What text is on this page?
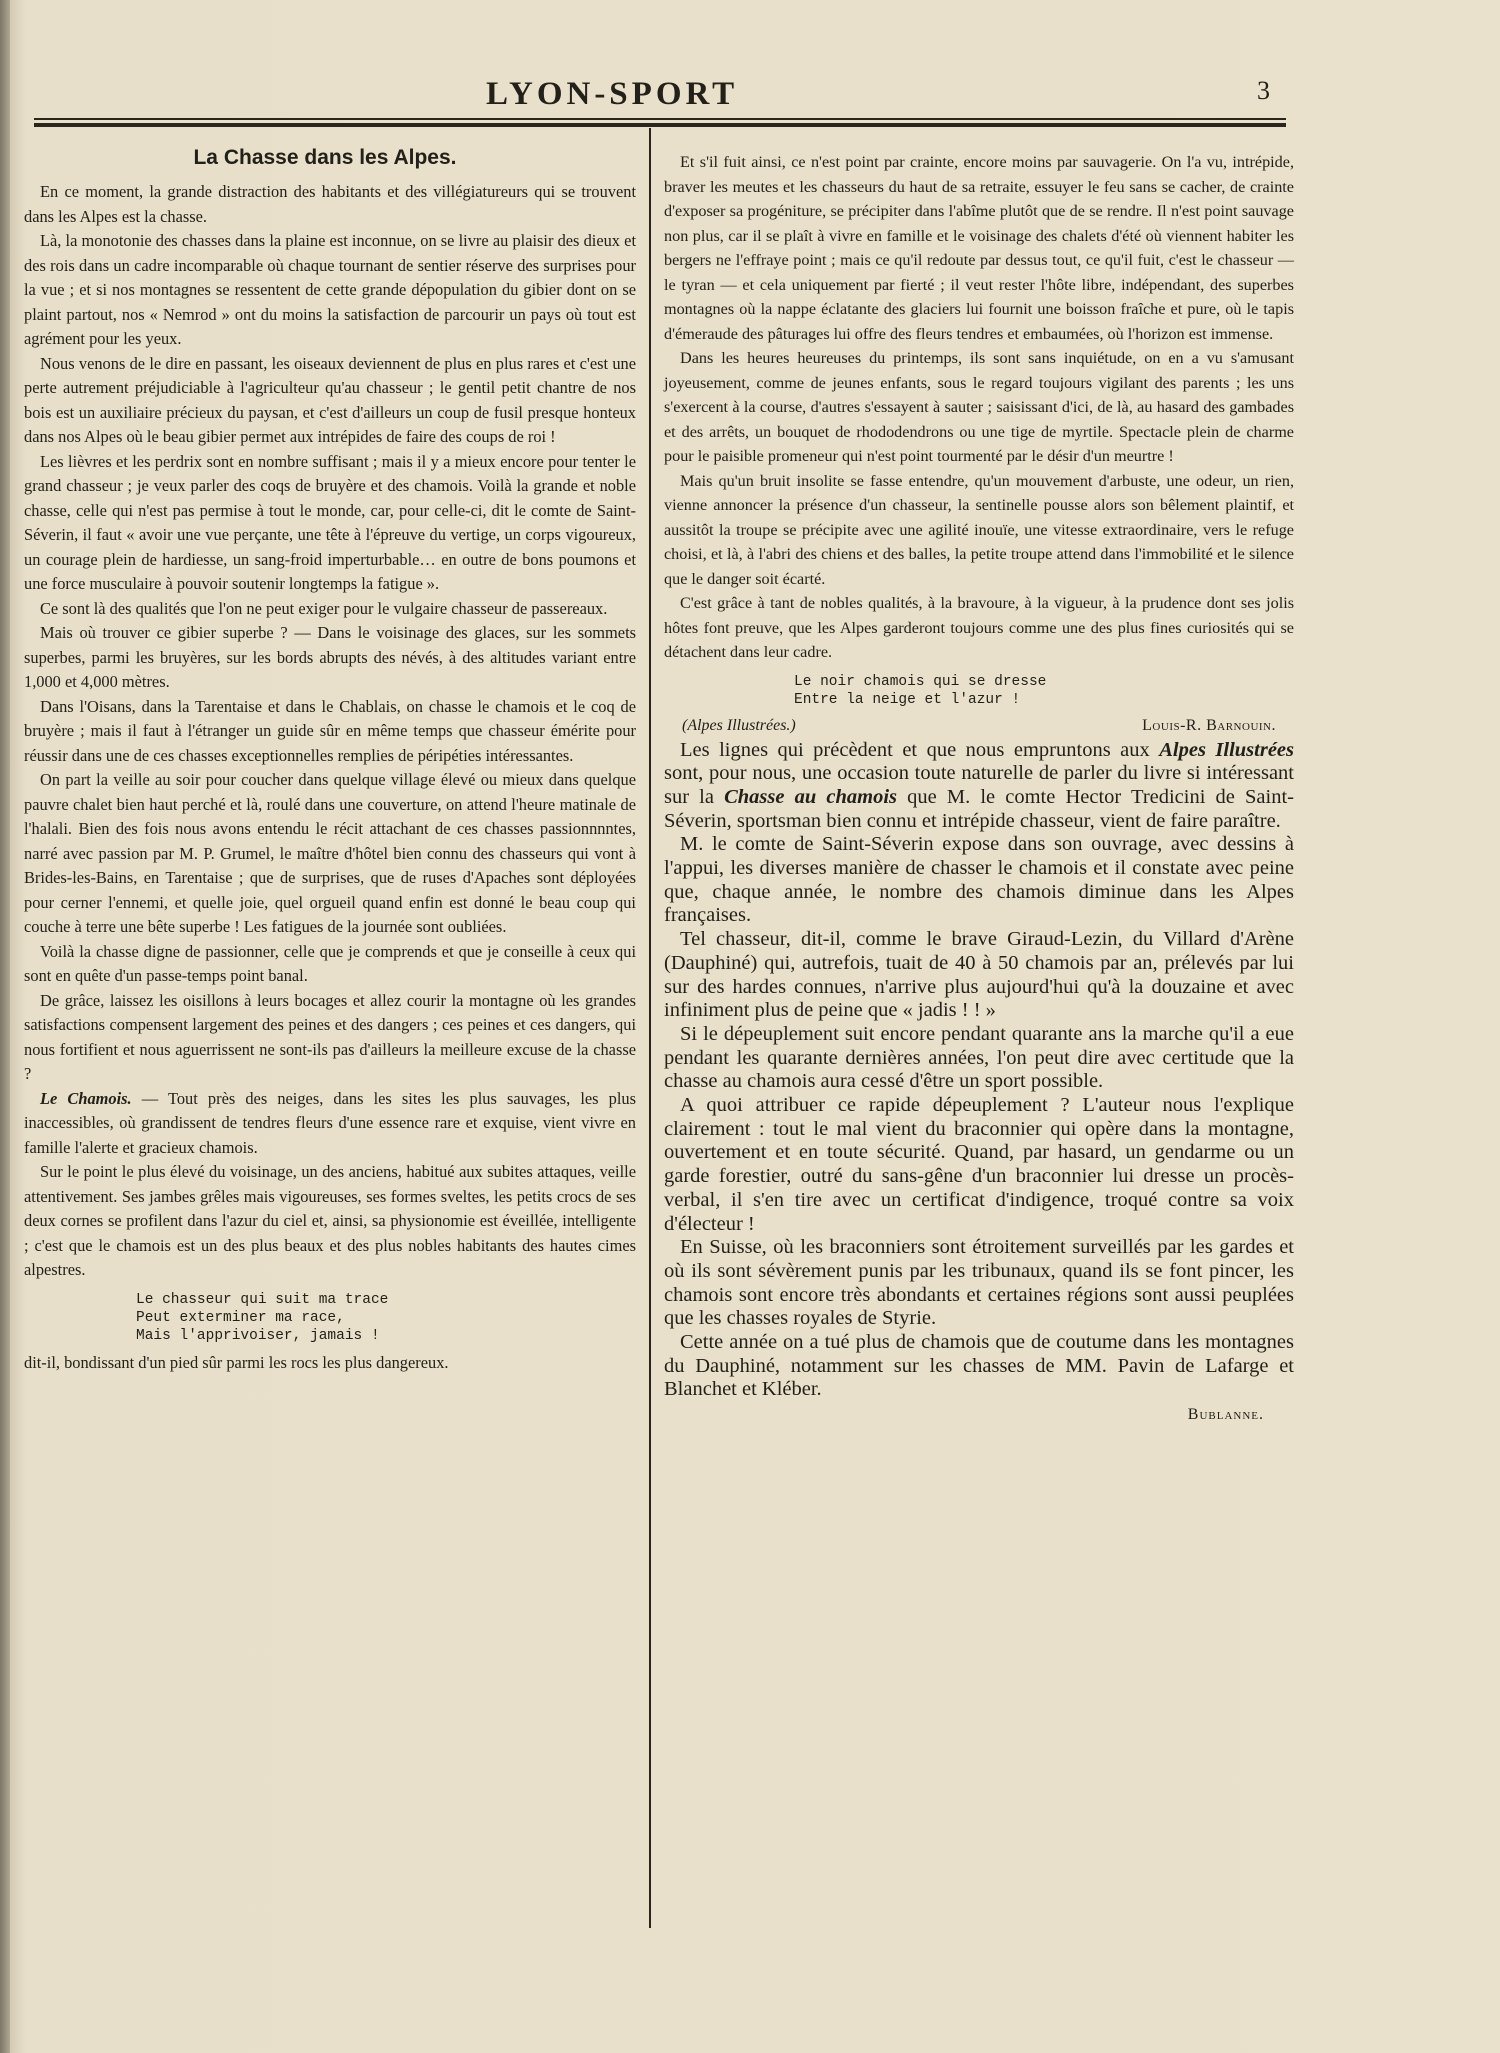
LYON-SPORT	3
La Chasse dans les Alpes.

En ce moment, la grande distraction des habitants et des villégiatureurs qui se trouvent dans les Alpes est la chasse.

Là, la monotonie des chasses dans la plaine est inconnue, on se livre au plaisir des dieux et des rois dans un cadre incomparable où chaque tournant de sentier réserve des surprises pour la vue ; et si nos montagnes se ressentent de cette grande dépopulation du gibier dont on se plaint partout, nos « Nemrod » ont du moins la satisfaction de parcourir un pays où tout est agrément pour les yeux.

Nous venons de le dire en passant, les oiseaux deviennent de plus en plus rares et c'est une perte autrement préjudiciable à l'agriculteur qu'au chasseur ; le gentil petit chantre de nos bois est un auxiliaire précieux du paysan, et c'est d'ailleurs un coup de fusil presque honteux dans nos Alpes où le beau gibier permet aux intrépides de faire des coups de roi !

Les lièvres et les perdrix sont en nombre suffisant ; mais il y a mieux encore pour tenter le grand chasseur ; je veux parler des coqs de bruyère et des chamois. Voilà la grande et noble chasse, celle qui n'est pas permise à tout le monde, car, pour celle-ci, dit le comte de Saint-Séverin, il faut « avoir une vue perçante, une tête à l'épreuve du vertige, un corps vigoureux, un courage plein de hardiesse, un sang-froid imperturbable… en outre de bons poumons et une force musculaire à pouvoir soutenir longtemps la fatigue ».

Ce sont là des qualités que l'on ne peut exiger pour le vulgaire chasseur de passereaux.

Mais où trouver ce gibier superbe ? — Dans le voisinage des glaces, sur les sommets superbes, parmi les bruyères, sur les bords abrupts des névés, à des altitudes variant entre 1,000 et 4,000 mètres.

Dans l'Oisans, dans la Tarentaise et dans le Chablais, on chasse le chamois et le coq de bruyère ; mais il faut à l'étranger un guide sûr en même temps que chasseur émérite pour réussir dans une de ces chasses exceptionnelles remplies de péripéties intéressantes.

On part la veille au soir pour coucher dans quelque village élevé ou mieux dans quelque pauvre chalet bien haut perché et là, roulé dans une couverture, on attend l'heure matinale de l'halali. Bien des fois nous avons entendu le récit attachant de ces chasses passionnnntes, narré avec passion par M. P. Grumel, le maître d'hôtel bien connu des chasseurs qui vont à Brides-les-Bains, en Tarentaise ; que de surprises, que de ruses d'Apaches sont déployées pour cerner l'ennemi, et quelle joie, quel orgueil quand enfin est donné le beau coup qui couche à terre une bête superbe ! Les fatigues de la journée sont oubliées.

Voilà la chasse digne de passionner, celle que je comprends et que je conseille à ceux qui sont en quête d'un passe-temps point banal.

De grâce, laissez les oisillons à leurs bocages et allez courir la montagne où les grandes satisfactions compensent largement des peines et des dangers ; ces peines et ces dangers, qui nous fortifient et nous aguerrissent ne sont-ils pas d'ailleurs la meilleure excuse de la chasse ?

Le Chamois. — Tout près des neiges, dans les sites les plus sauvages, les plus inaccessibles, où grandissent de tendres fleurs d'une essence rare et exquise, vient vivre en famille l'alerte et gracieux chamois.

Sur le point le plus élevé du voisinage, un des anciens, habitué aux subites attaques, veille attentivement. Ses jambes grêles mais vigoureuses, ses formes sveltes, les petits crocs de ses deux cornes se profilent dans l'azur du ciel et, ainsi, sa physionomie est éveillée, intelligente ; c'est que le chamois est un des plus beaux et des plus nobles habitants des hautes cimes alpestres.

Le chasseur qui suit ma trace
Peut exterminer ma race,
Mais l'apprivoiser, jamais !

dit-il, bondissant d'un pied sûr parmi les rocs les plus dangereux.

Et s'il fuit ainsi, ce n'est point par crainte, encore moins par sauvagerie. On l'a vu, intrépide, braver les meutes et les chasseurs du haut de sa retraite, essuyer le feu sans se cacher, de crainte d'exposer sa progéniture, se précipiter dans l'abîme plutôt que de se rendre. Il n'est point sauvage non plus, car il se plaît à vivre en famille et le voisinage des chalets d'été où viennent habiter les bergers ne l'effraye point ; mais ce qu'il redoute par dessus tout, ce qu'il fuit, c'est le chasseur — le tyran — et cela uniquement par fierté ; il veut rester l'hôte libre, indépendant, des superbes montagnes où la nappe éclatante des glaciers lui fournit une boisson fraîche et pure, où le tapis d'émeraude des pâturages lui offre des fleurs tendres et embaumées, où l'horizon est immense.

Dans les heures heureuses du printemps, ils sont sans inquiétude, on en a vu s'amusant joyeusement, comme de jeunes enfants, sous le regard toujours vigilant des parents ; les uns s'exercent à la course, d'autres s'essayent à sauter ; saisissant d'ici, de là, au hasard des gambades et des arrêts, un bouquet de rhododendrons ou une tige de myrtile. Spectacle plein de charme pour le paisible promeneur qui n'est point tourmenté par le désir d'un meurtre !

Mais qu'un bruit insolite se fasse entendre, qu'un mouvement d'arbuste, une odeur, un rien, vienne annoncer la présence d'un chasseur, la sentinelle pousse alors son bêlement plaintif, et aussitôt la troupe se précipite avec une agilité inouïe, une vitesse extraordinaire, vers le refuge choisi, et là, à l'abri des chiens et des balles, la petite troupe attend dans l'immobilité et le silence que le danger soit écarté.

C'est grâce à tant de nobles qualités, à la bravoure, à la vigueur, à la prudence dont ses jolis hôtes font preuve, que les Alpes garderont toujours comme une des plus fines curiosités qui se détachent dans leur cadre.

Le noir chamois qui se dresse
Entre la neige et l'azur !
(Alpes Illustrées.)	Louis-R. Barnouin.

Les lignes qui précèdent et que nous empruntons aux Alpes Illustrées sont, pour nous, une occasion toute naturelle de parler du livre si intéressant sur la Chasse au chamois que M. le comte Hector Tredicini de Saint-Séverin, sportsman bien connu et intrépide chasseur, vient de faire paraître.

M. le comte de Saint-Séverin expose dans son ouvrage, avec dessins à l'appui, les diverses manière de chasser le chamois et il constate avec peine que, chaque année, le nombre des chamois diminue dans les Alpes françaises.

Tel chasseur, dit-il, comme le brave Giraud-Lezin, du Villard d'Arène (Dauphiné) qui, autrefois, tuait de 40 à 50 chamois par an, prélevés par lui sur des hardes connues, n'arrive plus aujourd'hui qu'à la douzaine et avec infiniment plus de peine que « jadis ! ! »

Si le dépeuplement suit encore pendant quarante ans la marche qu'il a eue pendant les quarante dernières années, l'on peut dire avec certitude que la chasse au chamois aura cessé d'être un sport possible.

A quoi attribuer ce rapide dépeuplement ? L'auteur nous l'explique clairement : tout le mal vient du braconnier qui opère dans la montagne, ouvertement et en toute sécurité. Quand, par hasard, un gendarme ou un garde forestier, outré du sans-gêne d'un braconnier lui dresse un procès-verbal, il s'en tire avec un certificat d'indigence, troqué contre sa voix d'électeur !

En Suisse, où les braconniers sont étroitement surveillés par les gardes et où ils sont sévèrement punis par les tribunaux, quand ils se font pincer, les chamois sont encore très abondants et certaines régions sont aussi peuplées que les chasses royales de Styrie.

Cette année on a tué plus de chamois que de coutume dans les montagnes du Dauphiné, notamment sur les chasses de MM. Pavin de Lafarge et Blanchet et Kléber.

Bublanne.
